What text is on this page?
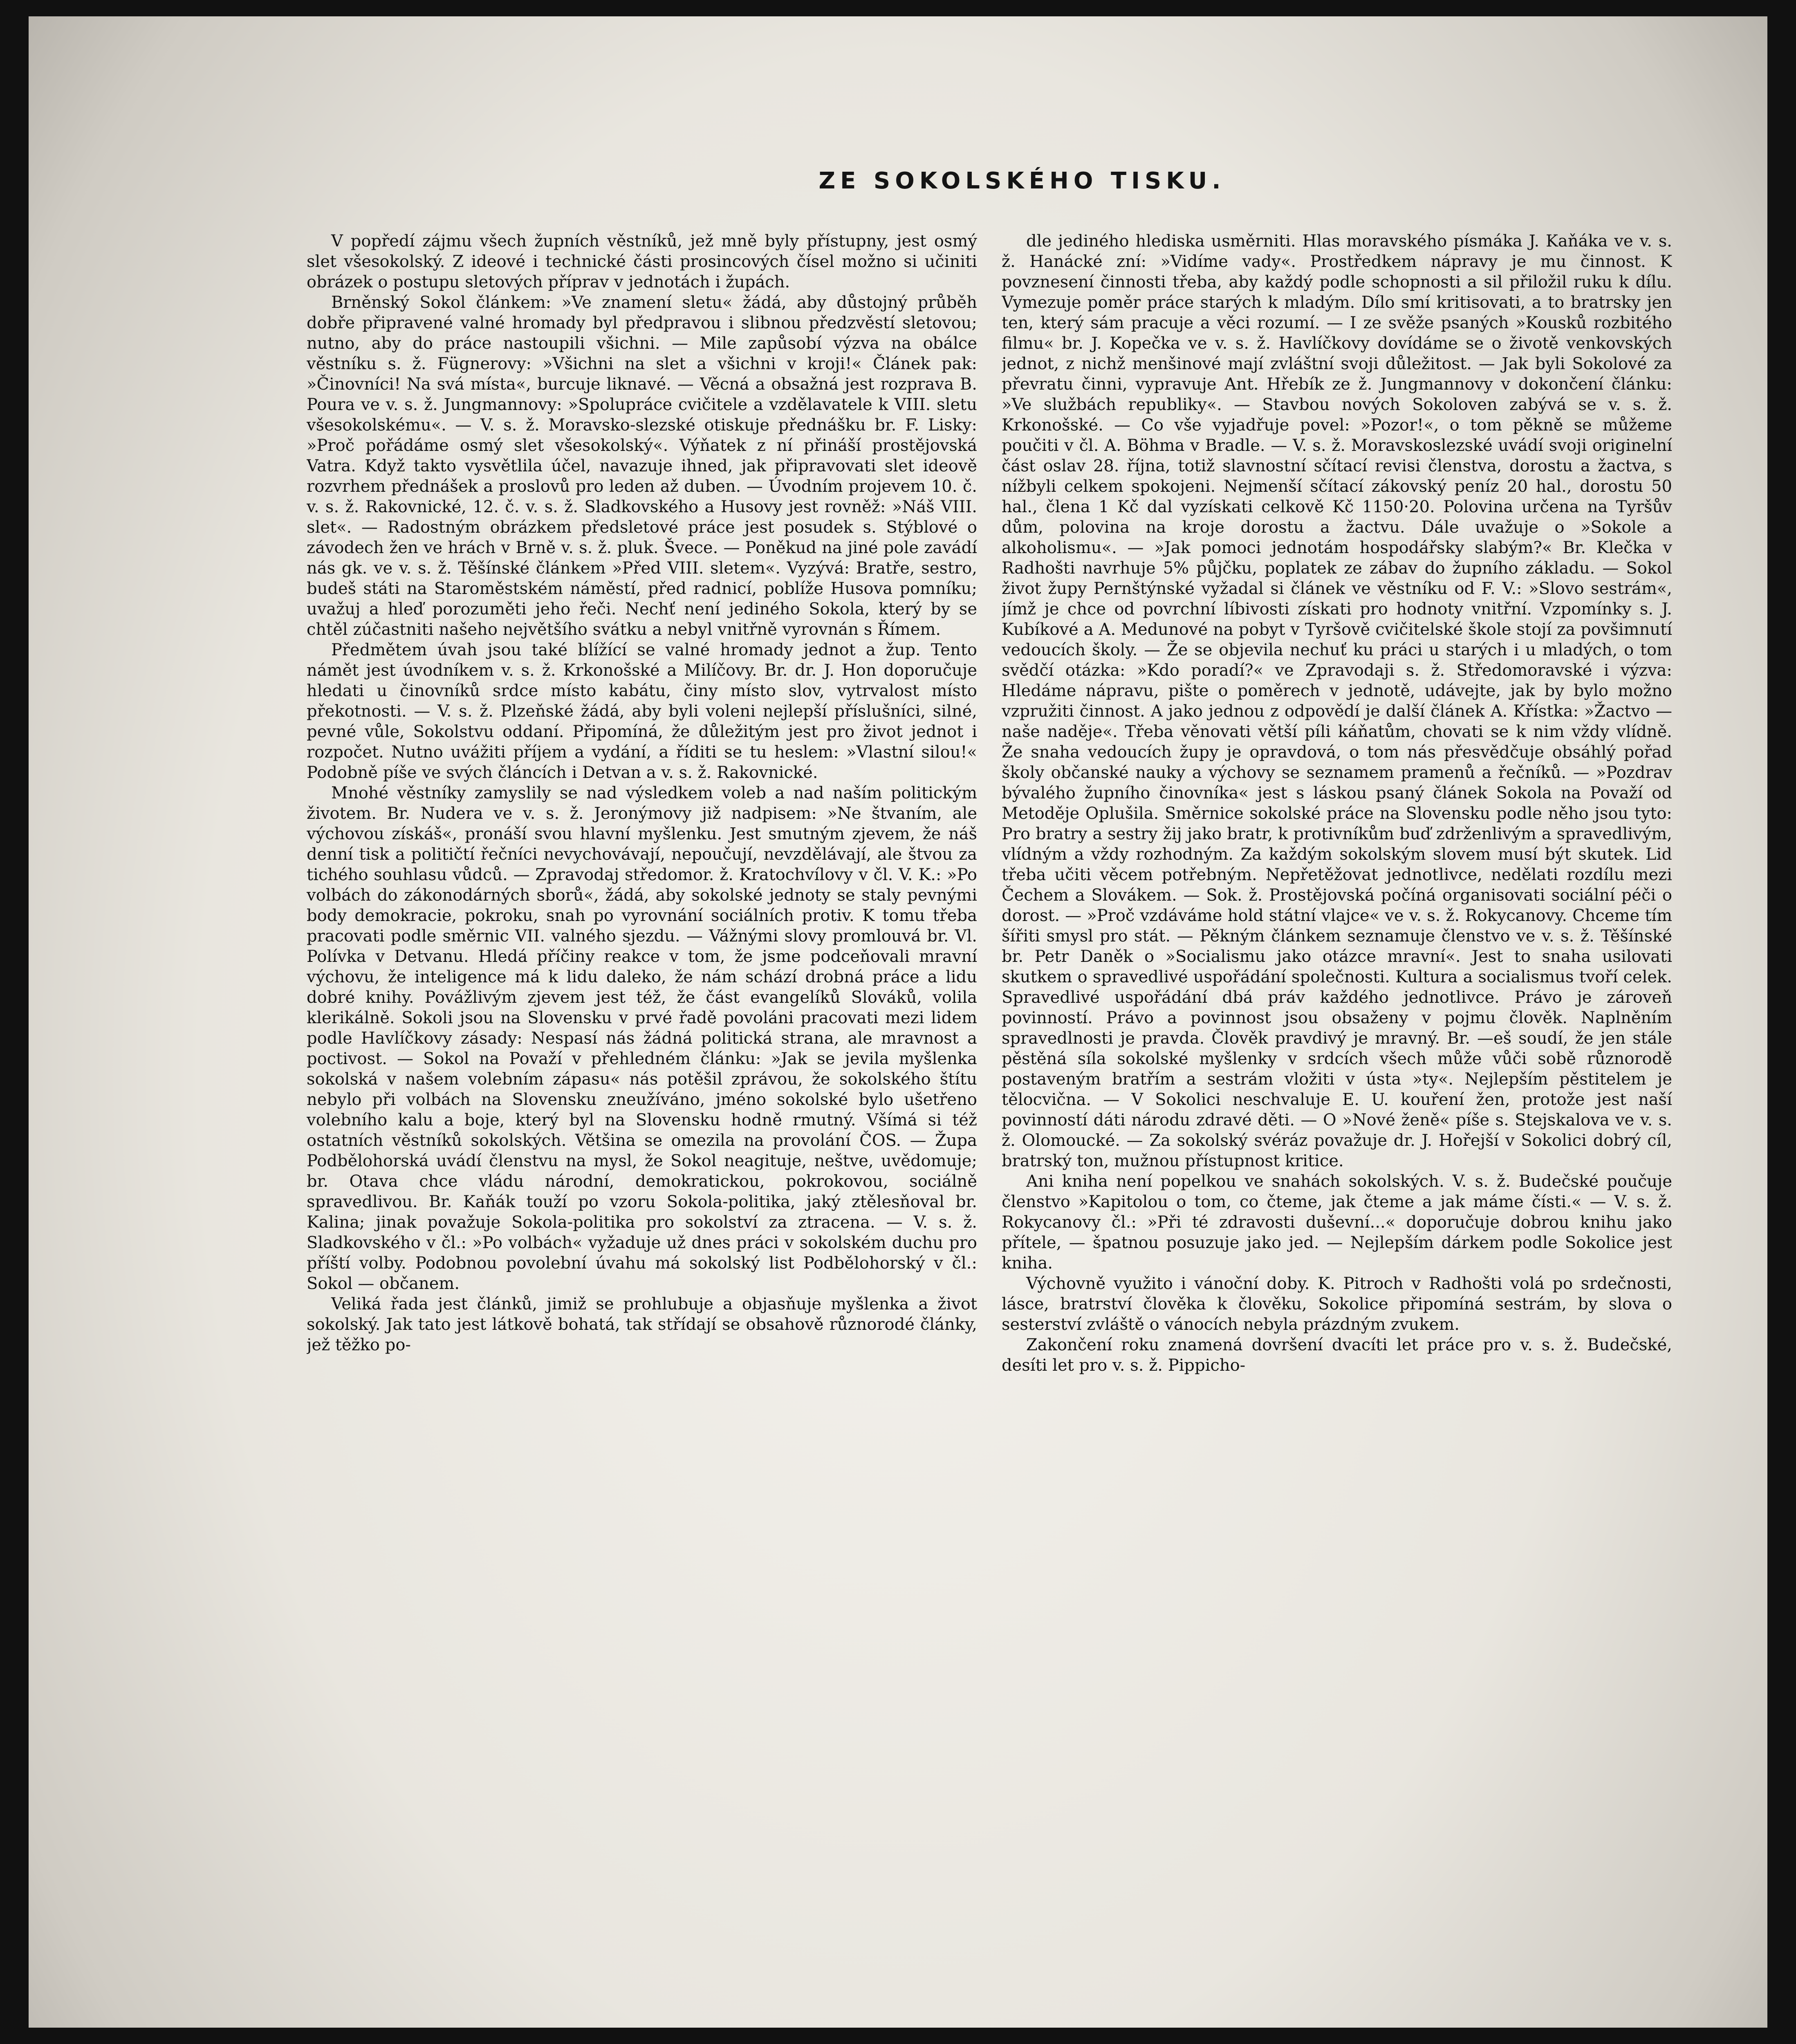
ZE SOKOLSKÉHO TISKU.

V popředí zájmu všech župních věstníků, jež mně byly přístupny, jest osmý slet všesokolský. Z ideové i technické části prosincových čísel možno si učiniti obrázek o postupu sletových příprav v jednotách i župách.

Brněnský Sokol článkem: »Ve znamení sletu« žádá, aby důstojný průběh dobře připravené valné hromady byl předpravou i slibnou předzvěstí sletovou; nutno, aby do práce nastoupili všichni. — Mile zapůsobí výzva na obálce věstníku s. ž. Fügnerovy: »Všichni na slet a všichni v kroji!« Článek pak: »Činovníci! Na svá místa«, burcuje liknavé. — Věcná a obsažná jest rozprava B. Poura ve v. s. ž. Jungmannovy: »Spolupráce cvičitele a vzdělavatele k VIII. sletu všesokolskému«. — V. s. ž. Moravsko-slezské otiskuje přednášku br. F. Lisky: »Proč pořádáme osmý slet všesokolský«. Výňatek z ní přináší prostějovská Vatra. Když takto vysvětlila účel, navazuje ihned, jak připravovati slet ideově rozvrhem přednášek a proslovů pro leden až duben. — Úvodním projevem 10. č. v. s. ž. Rakovnické, 12. č. v. s. ž. Sladkovského a Husovy jest rovněž: »Náš VIII. slet«. — Radostným obrázkem předsletové práce jest posudek s. Stýblové o závodech žen ve hrách v Brně v. s. ž. pluk. Švece. — Poněkud na jiné pole zavádí nás gk. ve v. s. ž. Těšínské článkem »Před VIII. sletem«. Vyzývá: Bratře, sestro, budeš státi na Staroměstském náměstí, před radnicí, poblíže Husova pomníku; uvažuj a hleď porozuměti jeho řeči. Nechť není jediného Sokola, který by se chtěl zúčastniti našeho největšího svátku a nebyl vnitřně vyrovnán s Římem.

Předmětem úvah jsou také blížící se valné hromady jednot a žup. Tento námět jest úvodníkem v. s. ž. Krkonošské a Milíčovy. Br. dr. J. Hon doporučuje hledati u činovníků srdce místo kabátu, činy místo slov, vytrvalost místo překotnosti. — V. s. ž. Plzeňské žádá, aby byli voleni nejlepší příslušníci, silné, pevné vůle, Sokolstvu oddaní. Připomíná, že důležitým jest pro život jednot i rozpočet. Nutno uvážiti příjem a vydání, a říditi se tu heslem: »Vlastní silou!« Podobně píše ve svých článcích i Detvan a v. s. ž. Rakovnické.

Mnohé věstníky zamyslily se nad výsledkem voleb a nad naším politickým životem. Br. Nudera ve v. s. ž. Jeronýmovy již nadpisem: »Ne štvaním, ale výchovou získáš«, pronáší svou hlavní myšlenku. Jest smutným zjevem, že náš denní tisk a političtí řečníci nevychovávají, nepoučují, nevzdělávají, ale štvou za tichého souhlasu vůdců. — Zpravodaj středomor. ž. Kratochvílovy v čl. V. K.: »Po volbách do zákonodárných sborů«, žádá, aby sokolské jednoty se staly pevnými body demokracie, pokroku, snah po vyrovnání sociálních protiv. K tomu třeba pracovati podle směrnic VII. valného sjezdu. — Vážnými slovy promlouvá br. Vl. Polívka v Detvanu. Hledá příčiny reakce v tom, že jsme podceňovali mravní výchovu, že inteligence má k lidu daleko, že nám schází drobná práce a lidu dobré knihy. Povážlivým zjevem jest též, že část evangelíků Slováků, volila klerikálně. Sokoli jsou na Slovensku v prvé řadě povoláni pracovati mezi lidem podle Havlíčkovy zásady: Nespasí nás žádná politická strana, ale mravnost a poctivost. — Sokol na Považí v přehledném článku: »Jak se jevila myšlenka sokolská v našem volebním zápasu« nás potěšil zprávou, že sokolského štítu nebylo při volbách na Slovensku zneužíváno, jméno sokolské bylo ušetřeno volebního kalu a boje, který byl na Slovensku hodně rmutný. Všímá si též ostatních věstníků sokolských. Většina se omezila na provolání ČOS. — Župa Podbělohorská uvádí členstvu na mysl, že Sokol neagituje, neštve, uvědomuje; br. Otava chce vládu národní, demokratickou, pokrokovou, sociálně spravedlivou. Br. Kaňák touží po vzoru Sokola-politika, jaký ztělesňoval br. Kalina; jinak považuje Sokola-politika pro sokolství za ztracena. — V. s. ž. Sladkovského v čl.: »Po volbách« vyžaduje už dnes práci v sokolském duchu pro příští volby. Podobnou povolební úvahu má sokolský list Podbělohorský v čl.: Sokol — občanem.

Veliká řada jest článků, jimiž se prohlubuje a objasňuje myšlenka a život sokolský. Jak tato jest látkově bohatá, tak střídají se obsahově různorodé články, jež těžko po-

dle jediného hlediska usměrniti. Hlas moravského písmáka J. Kaňáka ve v. s. ž. Hanácké zní: »Vidíme vady«. Prostředkem nápravy je mu činnost. K povznesení činnosti třeba, aby každý podle schopnosti a sil přiložil ruku k dílu. Vymezuje poměr práce starých k mladým. Dílo smí kritisovati, a to bratrsky jen ten, který sám pracuje a věci rozumí. — I ze svěže psaných »Kousků rozbitého filmu« br. J. Kopečka ve v. s. ž. Havlíčkovy dovídáme se o životě venkovských jednot, z nichž menšinové mají zvláštní svoji důležitost. — Jak byli Sokolové za převratu činni, vypravuje Ant. Hřebík ze ž. Jungmannovy v dokončení článku: »Ve službách republiky«. — Stavbou nových Sokoloven zabývá se v. s. ž. Krkonošské. — Co vše vyjadřuje povel: »Pozor!«, o tom pěkně se můžeme poučiti v čl. A. Böhma v Bradle. — V. s. ž. Moravskoslezské uvádí svoji originelní část oslav 28. října, totiž slavnostní sčítací revisi členstva, dorostu a žactva, s nížbyli celkem spokojeni. Nejmenší sčítací zákovský peníz 20 hal., dorostu 50 hal., člena 1 Kč dal vyzískati celkově Kč 1150·20. Polovina určena na Tyršův dům, polovina na kroje dorostu a žactvu. Dále uvažuje o »Sokole a alkoholismu«. — »Jak pomoci jednotám hospodářsky slabým?« Br. Klečka v Radhošti navrhuje 5% půjčku, poplatek ze zábav do župního základu. — Sokol život župy Pernštýnské vyžadal si článek ve věstníku od F. V.: »Slovo sestrám«, jímž je chce od povrchní líbivosti získati pro hodnoty vnitřní. Vzpomínky s. J. Kubíkové a A. Medunové na pobyt v Tyršově cvičitelské škole stojí za povšimnutí vedoucích školy. — Že se objevila nechuť ku práci u starých i u mladých, o tom svědčí otázka: »Kdo poradí?« ve Zpravodaji s. ž. Středomoravské i výzva: Hledáme nápravu, pište o poměrech v jednotě, udávejte, jak by bylo možno vzpružiti činnost. A jako jednou z odpovědí je další článek A. Křístka: »Žactvo — naše naděje«. Třeba věnovati větší píli káňatům, chovati se k nim vždy vlídně. Že snaha vedoucích župy je opravdová, o tom nás přesvědčuje obsáhlý pořad školy občanské nauky a výchovy se seznamem pramenů a řečníků. — »Pozdrav bývalého župního činovníka« jest s láskou psaný článek Sokola na Považí od Metoděje Oplušila. Směrnice sokolské práce na Slovensku podle něho jsou tyto: Pro bratry a sestry žij jako bratr, k protivníkům buď zdrženlivým a spravedlivým, vlídným a vždy rozhodným. Za každým sokolským slovem musí být skutek. Lid třeba učiti věcem potřebným. Nepřetěžovat jednotlivce, nedělati rozdílu mezi Čechem a Slovákem. — Sok. ž. Prostějovská počíná organisovati sociální péči o dorost. — »Proč vzdáváme hold státní vlajce« ve v. s. ž. Rokycanovy. Chceme tím šířiti smysl pro stát. — Pěkným článkem seznamuje členstvo ve v. s. ž. Těšínské br. Petr Daněk o »Socialismu jako otázce mravní«. Jest to snaha usilovati skutkem o spravedlivé uspořádání společnosti. Kultura a socialismus tvoří celek. Spravedlivé uspořádání dbá práv každého jednotlivce. Právo je zároveň povinností. Právo a povinnost jsou obsaženy v pojmu člověk. Naplněním spravedlnosti je pravda. Člověk pravdivý je mravný. Br. —eš soudí, že jen stále pěstěná síla sokolské myšlenky v srdcích všech může vůči sobě různorodě postaveným bratřím a sestrám vložiti v ústa »ty«. Nejlepším pěstitelem je tělocvična. — V Sokolici neschvaluje E. U. kouření žen, protože jest naší povinností dáti národu zdravé děti. — O »Nové ženě« píše s. Stejskalova ve v. s. ž. Olomoucké. — Za sokolský svéráz považuje dr. J. Hořejší v Sokolici dobrý cíl, bratrský ton, mužnou přístupnost kritice.

Ani kniha není popelkou ve snahách sokolských. V. s. ž. Budečské poučuje členstvo »Kapitolou o tom, co čteme, jak čteme a jak máme čísti.« — V. s. ž. Rokycanovy čl.: »Při té zdravosti duševní...« doporučuje dobrou knihu jako přítele, — špatnou posuzuje jako jed. — Nejlepším dárkem podle Sokolice jest kniha.

Výchovně využito i vánoční doby. K. Pitroch v Radhošti volá po srdečnosti, lásce, bratrství člověka k člověku, Sokolice připomíná sestrám, by slova o sesterství zvláště o vánocích nebyla prázdným zvukem.

Zakončení roku znamená dovršení dvacíti let práce pro v. s. ž. Budečské, desíti let pro v. s. ž. Pippicho-
